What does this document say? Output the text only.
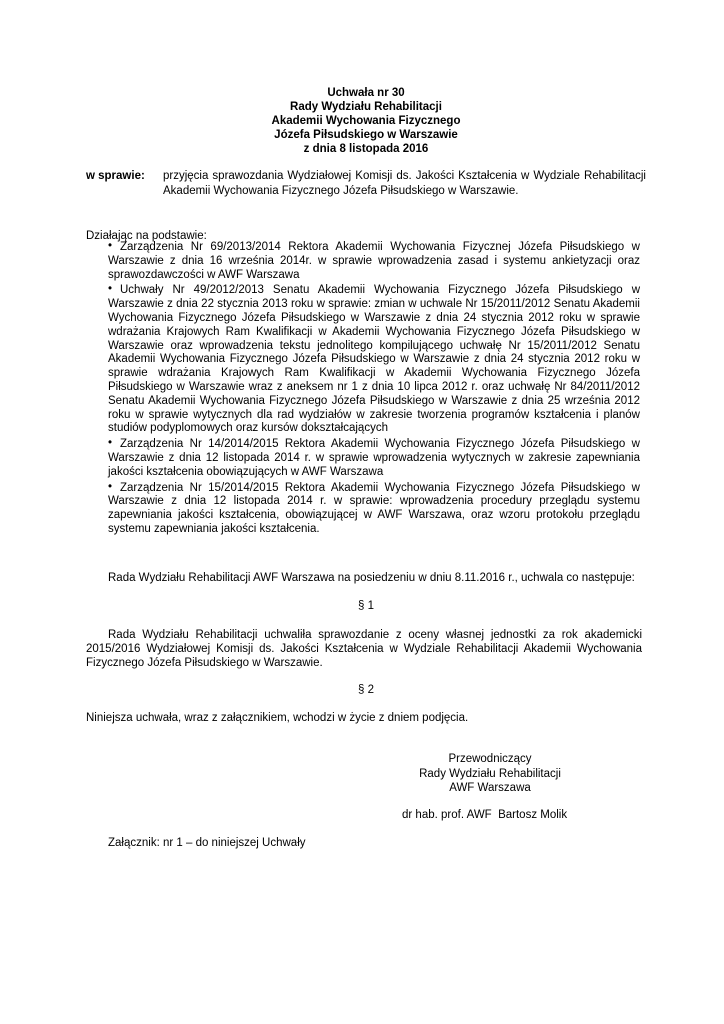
Uchwała nr 30
Rady Wydziału Rehabilitacji
Akademii Wychowania Fizycznego
Józefa Piłsudskiego w Warszawie
z dnia 8 listopada 2016
w sprawie: przyjęcia sprawozdania Wydziałowej Komisji ds. Jakości Kształcenia w Wydziale Rehabilitacji Akademii Wychowania Fizycznego Józefa Piłsudskiego w Warszawie.
Działając na podstawie:
• Zarządzenia Nr 69/2013/2014 Rektora Akademii Wychowania Fizycznej Józefa Piłsudskiego w Warszawie z dnia 16 września 2014r. w sprawie wprowadzenia zasad i systemu ankietyzacji oraz sprawozdawczości w AWF Warszawa
• Uchwały Nr 49/2012/2013 Senatu Akademii Wychowania Fizycznego Józefa Piłsudskiego w Warszawie z dnia 22 stycznia 2013 roku w sprawie: zmian w uchwale Nr 15/2011/2012 Senatu Akademii Wychowania Fizycznego Józefa Piłsudskiego w Warszawie z dnia 24 stycznia 2012 roku w sprawie wdrażania Krajowych Ram Kwalifikacji w Akademii Wychowania Fizycznego Józefa Piłsudskiego w Warszawie oraz wprowadzenia tekstu jednolitego kompilującego uchwałę Nr 15/2011/2012 Senatu Akademii Wychowania Fizycznego Józefa Piłsudskiego w Warszawie z dnia 24 stycznia 2012 roku w sprawie wdrażania Krajowych Ram Kwalifikacji w Akademii Wychowania Fizycznego Józefa Piłsudskiego w Warszawie wraz z aneksem nr 1 z dnia 10 lipca 2012 r. oraz uchwałę Nr 84/2011/2012 Senatu Akademii Wychowania Fizycznego Józefa Piłsudskiego w Warszawie z dnia 25 września 2012 roku w sprawie wytycznych dla rad wydziałów w zakresie tworzenia programów kształcenia i planów studiów podyplomowych oraz kursów dokształcających
• Zarządzenia Nr 14/2014/2015 Rektora Akademii Wychowania Fizycznego Józefa Piłsudskiego w Warszawie z dnia 12 listopada 2014 r. w sprawie wprowadzenia wytycznych w zakresie zapewniania jakości kształcenia obowiązujących w AWF Warszawa
• Zarządzenia Nr 15/2014/2015 Rektora Akademii Wychowania Fizycznego Józefa Piłsudskiego w Warszawie z dnia 12 listopada 2014 r. w sprawie: wprowadzenia procedury przeglądu systemu zapewniania jakości kształcenia, obowiązującej w AWF Warszawa, oraz wzoru protokołu przeglądu systemu zapewniania jakości kształcenia.
Rada Wydziału Rehabilitacji AWF Warszawa na posiedzeniu w dniu 8.11.2016 r., uchwala co następuje:
§ 1
Rada Wydziału Rehabilitacji uchwaliła sprawozdanie z oceny własnej jednostki za rok akademicki 2015/2016 Wydziałowej Komisji ds. Jakości Kształcenia w Wydziale Rehabilitacji Akademii Wychowania Fizycznego Józefa Piłsudskiego w Warszawie.
§ 2
Niniejsza uchwała, wraz z załącznikiem, wchodzi w życie z dniem podjęcia.
Przewodniczący
Rady Wydziału Rehabilitacji
AWF Warszawa
dr hab. prof. AWF  Bartosz Molik
Załącznik: nr 1 – do niniejszej Uchwały
